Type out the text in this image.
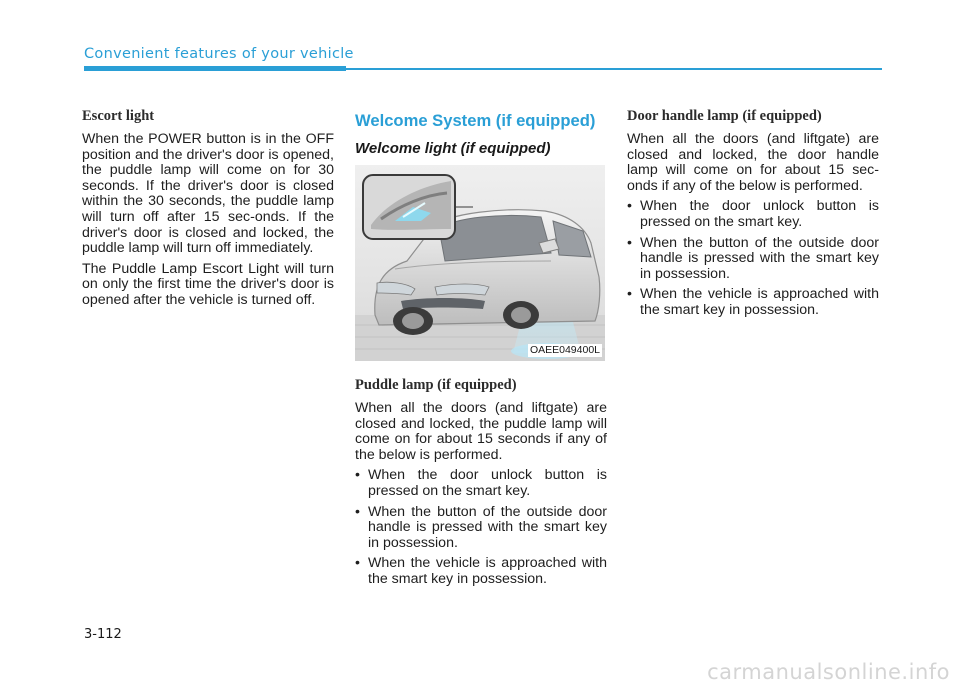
Convenient features of your vehicle
Escort light

When the POWER button is in the OFF position and the driver's door is opened, the puddle lamp will come on for 30 seconds. If the driver's door is closed within the 30 seconds, the puddle lamp will turn off after 15 sec-onds. If the driver's door is closed and locked, the puddle lamp will turn off immediately.

The Puddle Lamp Escort Light will turn on only the first time the driver's door is opened after the vehicle is turned off.

Welcome System (if equipped)
Welcome light (if equipped)
OAEE049400L
Puddle lamp (if equipped)

When all the doors (and liftgate) are closed and locked, the puddle lamp will come on for about 15 seconds if any of the below is performed.

• When the door unlock button is pressed on the smart key.
• When the button of the outside door handle is pressed with the smart key in possession.
• When the vehicle is approached with the smart key in possession.
Door handle lamp (if equipped)

When all the doors (and liftgate) are closed and locked, the door handle lamp will come on for about 15 sec-onds if any of the below is performed.

• When the door unlock button is pressed on the smart key.
• When the button of the outside door handle is pressed with the smart key in possession.
• When the vehicle is approached with the smart key in possession.
3-112
carmanualsonline.info
